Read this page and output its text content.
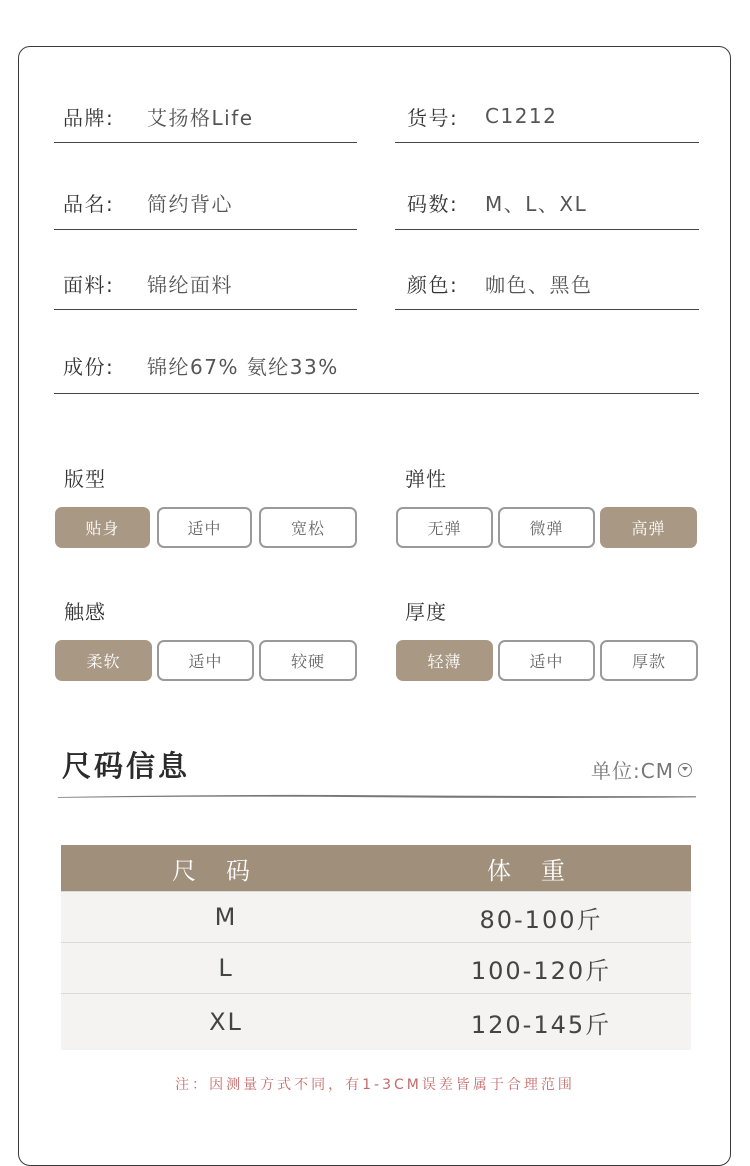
品牌:	艾扬格Life	货号:	C1212
品名:	简约背心	码数:	M、L、XL
面料:	锦纶面料	颜色:	咖色、黑色
成份:	锦纶67% 氨纶33%
版型
贴身	适中	宽松
弹性
无弹	微弹	高弹
触感
柔软	适中	较硬
厚度
轻薄	适中	厚款
尺码信息	单位:CM
尺码	体重
M	80-100斤
L	100-120斤
XL	120-145斤
注：因测量方式不同，有1-3CM误差皆属于合理范围
